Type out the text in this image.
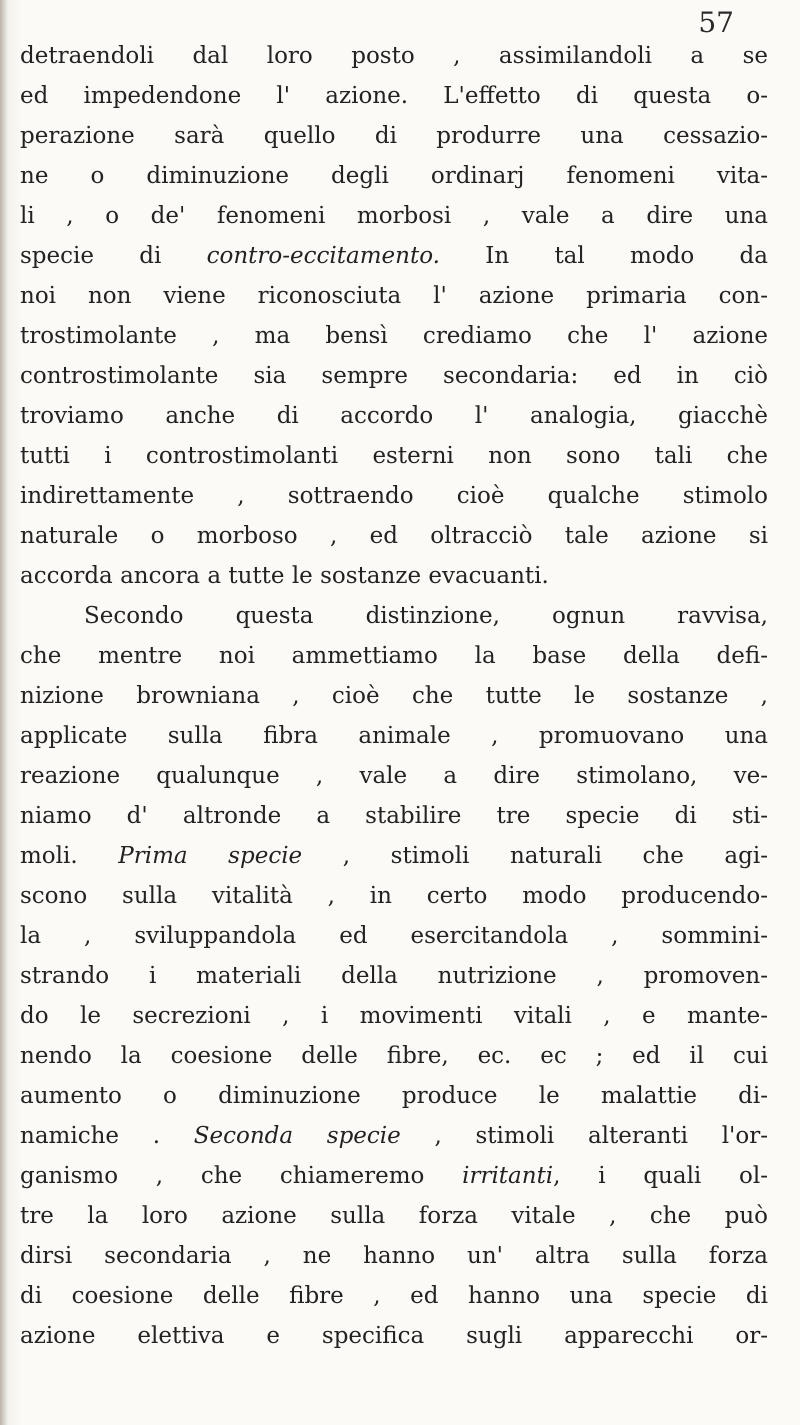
57
detraendoli dal loro posto , assimilandoli a se
ed impedendone l' azione. L'effetto di questa o-
perazione sarà quello di produrre una cessazio-
ne o diminuzione degli ordinarj fenomeni vita-
li , o de' fenomeni morbosi , vale a dire una
specie di contro-eccitamento. In tal modo da
noi non viene riconosciuta l' azione primaria con-
trostimolante , ma bensì crediamo che l' azione
controstimolante sia sempre secondaria: ed in ciò
troviamo anche di accordo l' analogia, giacchè
tutti i controstimolanti esterni non sono tali che
indirettamente , sottraendo cioè qualche stimolo
naturale o morboso , ed oltracciò tale azione si
accorda ancora a tutte le sostanze evacuanti.
Secondo questa distinzione, ognun ravvisa,
che mentre noi ammettiamo la base della defi-
nizione browniana , cioè che tutte le sostanze ,
applicate sulla fibra animale , promuovano una
reazione qualunque , vale a dire stimolano, ve-
niamo d' altronde a stabilire tre specie di sti-
moli. Prima specie , stimoli naturali che agi-
scono sulla vitalità , in certo modo producendo-
la , sviluppandola ed esercitandola , sommini-
strando i materiali della nutrizione , promoven-
do le secrezioni , i movimenti vitali , e mante-
nendo la coesione delle fibre, ec. ec ; ed il cui
aumento o diminuzione produce le malattie di-
namiche . Seconda specie , stimoli alteranti l'or-
ganismo , che chiameremo irritanti, i quali ol-
tre la loro azione sulla forza vitale , che può
dirsi secondaria , ne hanno un' altra sulla forza
di coesione delle fibre , ed hanno una specie di
azione elettiva e specifica sugli apparecchi or-
